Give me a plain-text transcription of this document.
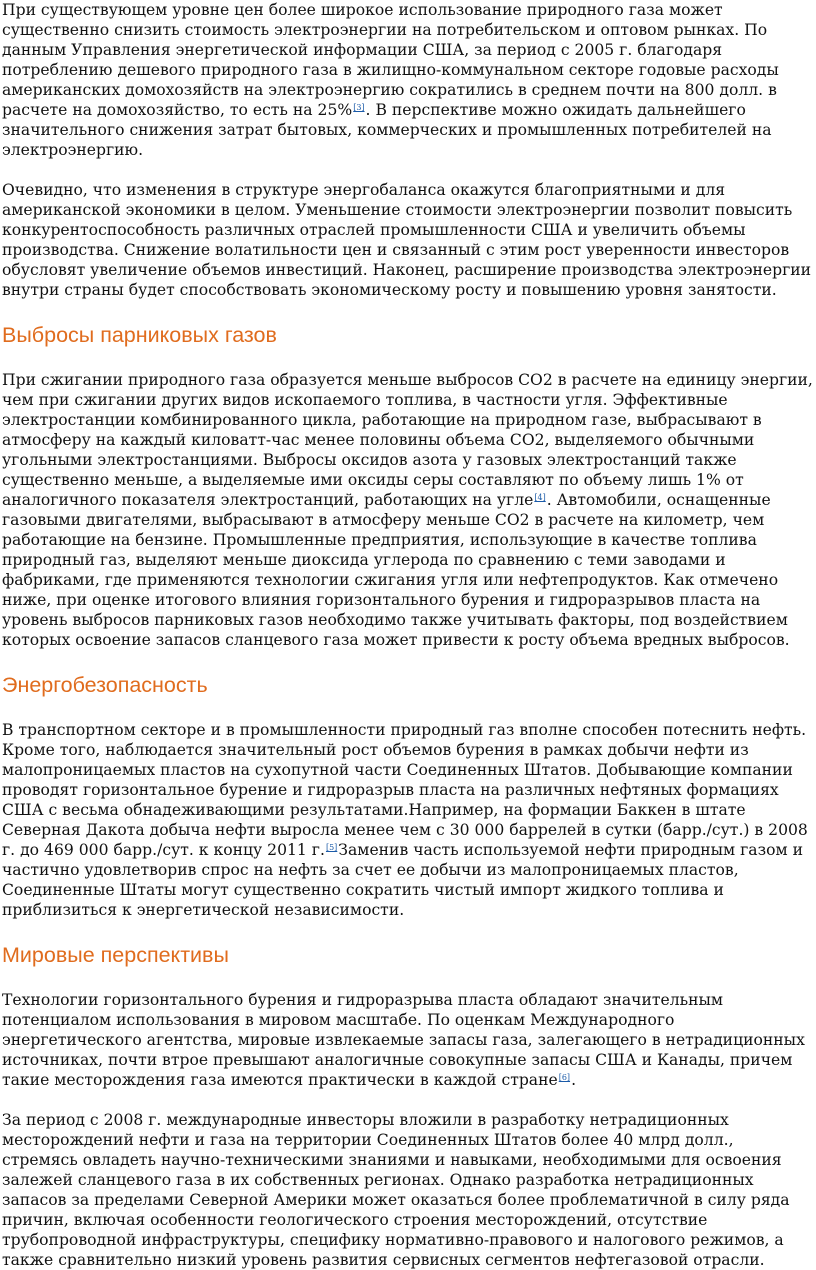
При существующем уровне цен более широкое использование природного газа может существенно снизить стоимость электроэнергии на потребительском и оптовом рынках. По данным Управления энергетической информации США, за период с 2005 г. благодаря потреблению дешевого природного газа в жилищно-коммунальном секторе годовые расходы американских домохозяйств на электроэнергию сократились в среднем почти на 800 долл. в расчете на домохозяйство, то есть на 25%[3]. В перспективе можно ожидать дальнейшего значительного снижения затрат бытовых, коммерческих и промышленных потребителей на электроэнергию.

Очевидно, что изменения в структуре энергобаланса окажутся благоприятными и для американской экономики в целом. Уменьшение стоимости электроэнергии позволит повысить конкурентоспособность различных отраслей промышленности США и увеличить объемы производства. Снижение волатильности цен и связанный с этим рост уверенности инвесторов обусловят увеличение объемов инвестиций. Наконец, расширение производства электроэнергии внутри страны будет способствовать экономическому росту и повышению уровня занятости.

Выбросы парниковых газов

При сжигании природного газа образуется меньше выбросов СО2 в расчете на единицу энергии, чем при сжигании других видов ископаемого топлива, в частности угля. Эффективные электростанции комбинированного цикла, работающие на природном газе, выбрасывают в атмосферу на каждый киловатт-час менее половины объема СО2, выделяемого обычными угольными электростанциями. Выбросы оксидов азота у газовых электростанций также существенно меньше, а выделяемые ими оксиды серы составляют по объему лишь 1% от аналогичного показателя электростанций, работающих на угле[4]. Автомобили, оснащенные газовыми двигателями, выбрасывают в атмосферу меньше СО2 в расчете на километр, чем работающие на бензине. Промышленные предприятия, использующие в качестве топлива природный газ, выделяют меньше диоксида углерода по сравнению с теми заводами и фабриками, где применяются технологии сжигания угля или нефтепродуктов. Как отмечено ниже, при оценке итогового влияния горизонтального бурения и гидроразрывов пласта на уровень выбросов парниковых газов необходимо также учитывать факторы, под воздействием которых освоение запасов сланцевого газа может привести к росту объема вредных выбросов.

Энергобезопасность

В транспортном секторе и в промышленности природный газ вполне способен потеснить нефть. Кроме того, наблюдается значительный рост объемов бурения в рамках добычи нефти из малопроницаемых пластов на сухопутной части Соединенных Штатов. Добывающие компании проводят горизонтальное бурение и гидроразрыв пласта на различных нефтяных формациях США с весьма обнадеживающими результатами.Например, на формации Баккен в штате Северная Дакота добыча нефти выросла менее чем с 30 000 баррелей в сутки (барр./сут.) в 2008 г. до 469 000 барр./сут. к концу 2011 г.[5]Заменив часть используемой нефти природным газом и частично удовлетворив спрос на нефть за счет ее добычи из малопроницаемых пластов, Соединенные Штаты могут существенно сократить чистый импорт жидкого топлива и приблизиться к энергетической независимости.

Мировые перспективы

Технологии горизонтального бурения и гидроразрыва пласта обладают значительным потенциалом использования в мировом масштабе. По оценкам Международного энергетического агентства, мировые извлекаемые запасы газа, залегающего в нетрадиционных источниках, почти втрое превышают аналогичные совокупные запасы США и Канады, причем такие месторождения газа имеются практически в каждой стране[6].

За период с 2008 г. международные инвесторы вложили в разработку нетрадиционных месторождений нефти и газа на территории Соединенных Штатов более 40 млрд долл., стремясь овладеть научно-техническими знаниями и навыками, необходимыми для освоения залежей сланцевого газа в их собственных регионах. Однако разработка нетрадиционных запасов за пределами Северной Америки может оказаться более проблематичной в силу ряда причин, включая особенности геологического строения месторождений, отсутствие трубопроводной инфраструктуры, специфику нормативно-правового и налогового режимов, а также сравнительно низкий уровень развития сервисных сегментов нефтегазовой отрасли.
